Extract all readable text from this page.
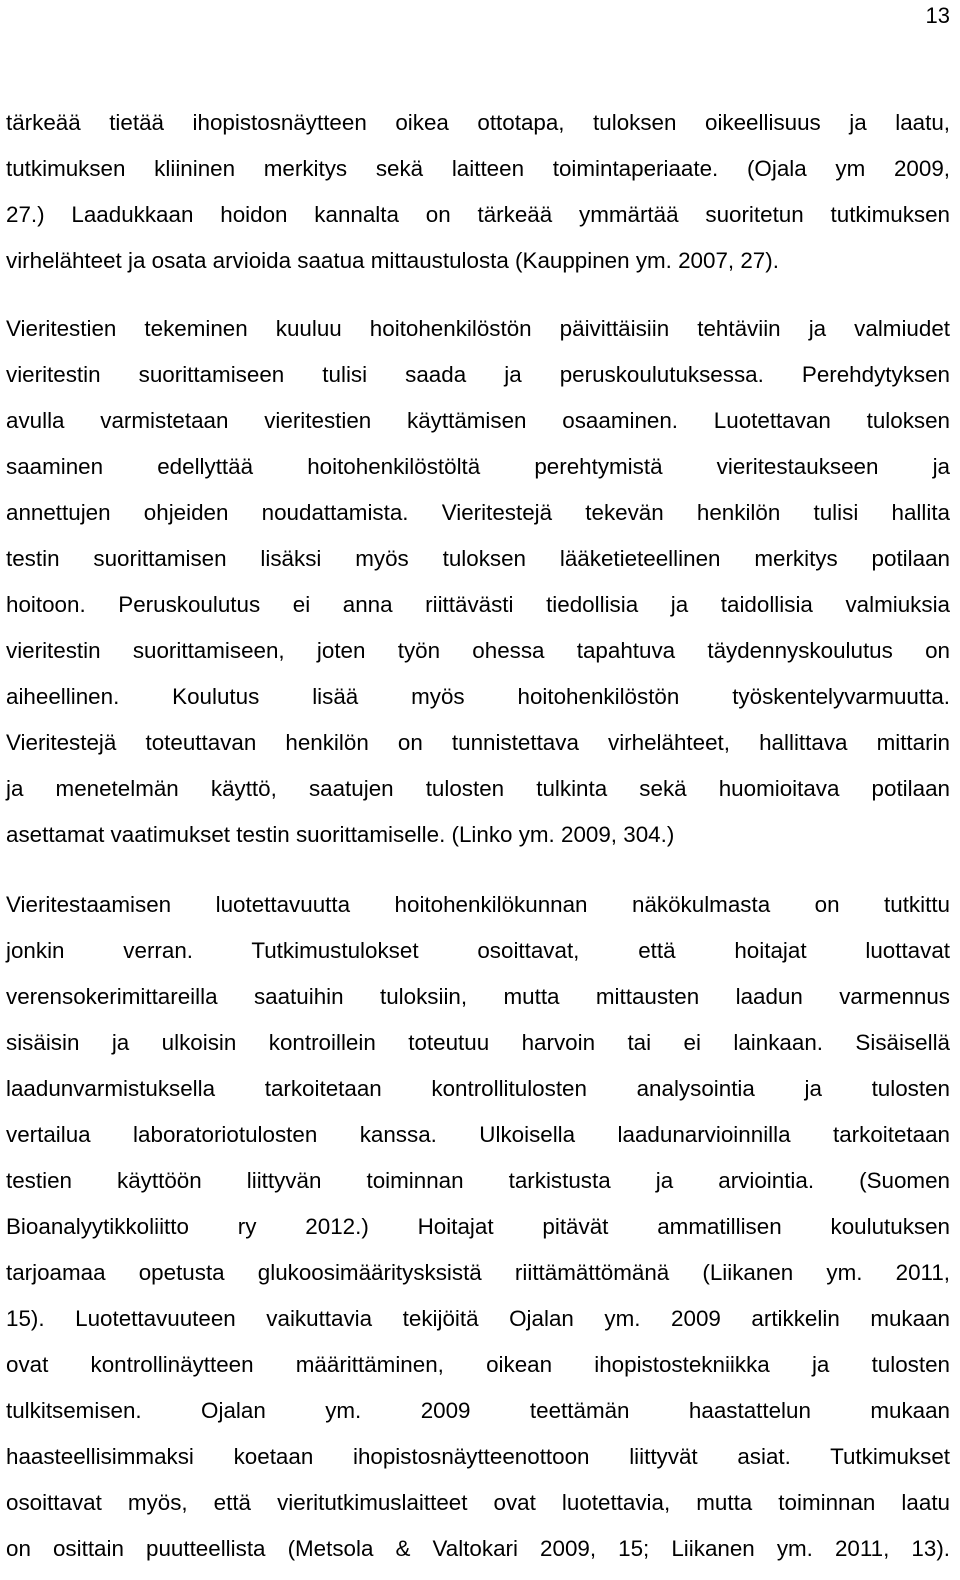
13
tärkeää tietää ihopistosnäytteen oikea ottotapa, tuloksen oikeellisuus ja laatu,
tutkimuksen kliininen merkitys sekä laitteen toimintaperiaate. (Ojala ym 2009,
27.) Laadukkaan hoidon kannalta on tärkeää ymmärtää suoritetun tutkimuksen
virhelähteet ja osata arvioida saatua mittaustulosta (Kauppinen ym. 2007, 27).
Vieritestien tekeminen kuuluu hoitohenkilöstön päivittäisiin tehtäviin ja valmiudet
vieritestin suorittamiseen tulisi saada ja peruskoulutuksessa. Perehdytyksen
avulla varmistetaan vieritestien käyttämisen osaaminen. Luotettavan tuloksen
saaminen edellyttää hoitohenkilöstöltä perehtymistä vieritestaukseen ja
annettujen ohjeiden noudattamista. Vieritestejä tekevän henkilön tulisi hallita
testin suorittamisen lisäksi myös tuloksen lääketieteellinen merkitys potilaan
hoitoon. Peruskoulutus ei anna riittävästi tiedollisia ja taidollisia valmiuksia
vieritestin suorittamiseen, joten työn ohessa tapahtuva täydennyskoulutus on
aiheellinen. Koulutus lisää myös hoitohenkilöstön työskentelyvarmuutta.
Vieritestejä toteuttavan henkilön on tunnistettava virhelähteet, hallittava mittarin
ja menetelmän käyttö, saatujen tulosten tulkinta sekä huomioitava potilaan
asettamat vaatimukset testin suorittamiselle. (Linko ym. 2009, 304.)
Vieritestaamisen luotettavuutta hoitohenkilökunnan näkökulmasta on tutkittu
jonkin verran. Tutkimustulokset osoittavat, että hoitajat luottavat
verensokerimittareilla saatuihin tuloksiin, mutta mittausten laadun varmennus
sisäisin ja ulkoisin kontroillein toteutuu harvoin tai ei lainkaan. Sisäisellä
laadunvarmistuksella tarkoitetaan kontrollitulosten analysointia ja tulosten
vertailua laboratoriotulosten kanssa. Ulkoisella laadunarvioinnilla tarkoitetaan
testien käyttöön liittyvän toiminnan tarkistusta ja arviointia. (Suomen
Bioanalyytikkoliitto ry 2012.) Hoitajat pitävät ammatillisen koulutuksen
tarjoamaa opetusta glukoosimääritysksistä riittämättömänä (Liikanen ym. 2011,
15). Luotettavuuteen vaikuttavia tekijöitä Ojalan ym. 2009 artikkelin mukaan
ovat kontrollinäytteen määrittäminen, oikean ihopistostekniikka ja tulosten
tulkitsemisen. Ojalan ym. 2009 teettämän haastattelun mukaan
haasteellisimmaksi koetaan ihopistosnäytteenottoon liittyvät asiat. Tutkimukset
osoittavat myös, että vieritutkimuslaitteet ovat luotettavia, mutta toiminnan laatu
on osittain puutteellista (Metsola & Valtokari 2009, 15; Liikanen ym. 2011, 13).
